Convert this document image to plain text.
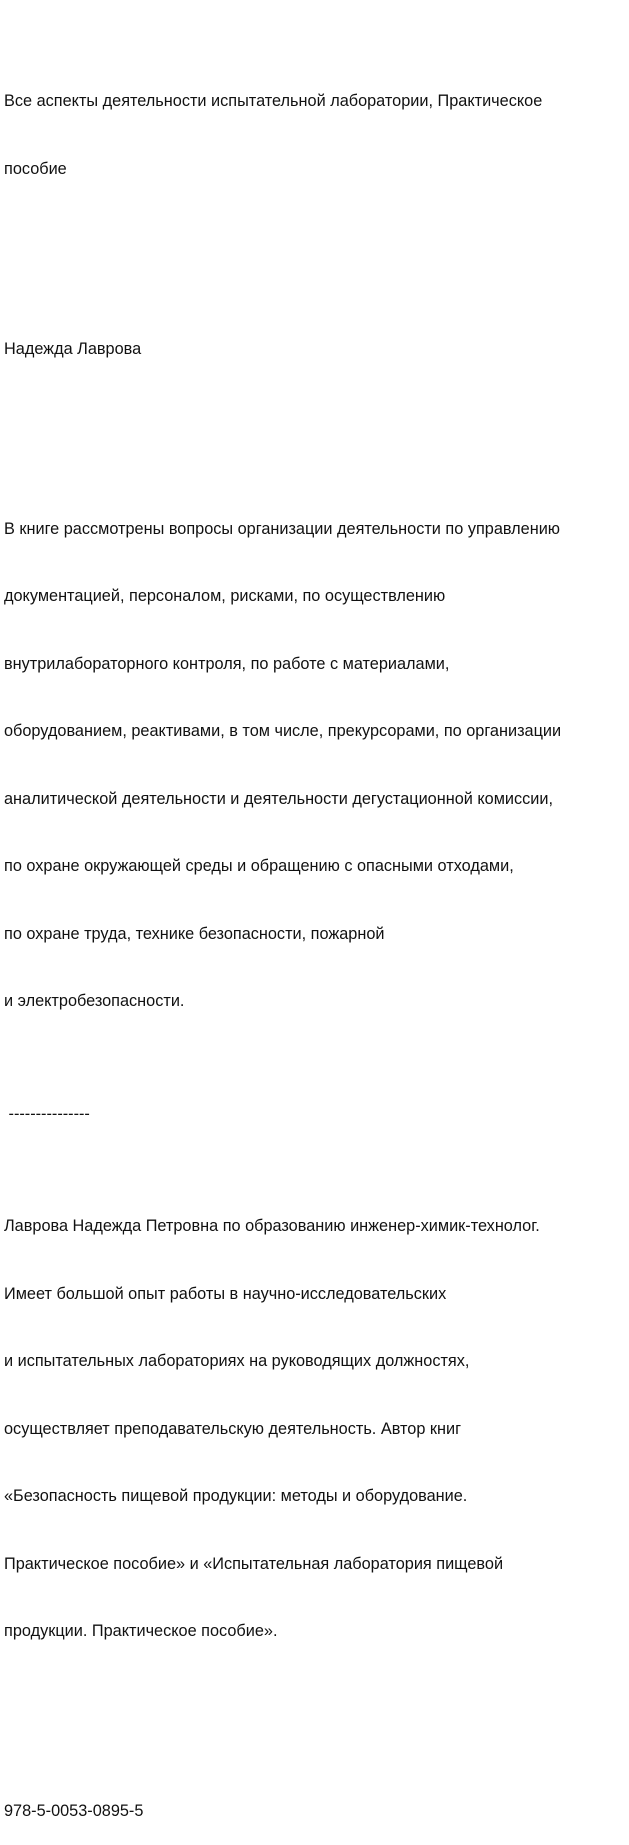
Все аспекты деятельности испытательной лаборатории, Практическое

пособие

Надежда Лаврова

В книге рассмотрены вопросы организации деятельности по управлению

документацией, персоналом, рисками, по осуществлению

внутрилабораторного контроля, по работе с материалами,

оборудованием, реактивами, в том числе, прекурсорами, по организации

аналитической деятельности и деятельности дегустационной комиссии,

по охране окружающей среды и обращению с опасными отходами,

по охране труда, технике безопасности, пожарной

и электробезопасности.

---------------

Лаврова Надежда Петровна по образованию инженер-химик-технолог.

Имеет большой опыт работы в научно-исследовательских

и испытательных лабораториях на руководящих должностях,

осуществляет преподавательскую деятельность. Автор книг

«Безопасность пищевой продукции: методы и оборудование.

Практическое пособие» и «Испытательная лаборатория пищевой

продукции. Практическое пособие».

978-5-0053-0895-5
